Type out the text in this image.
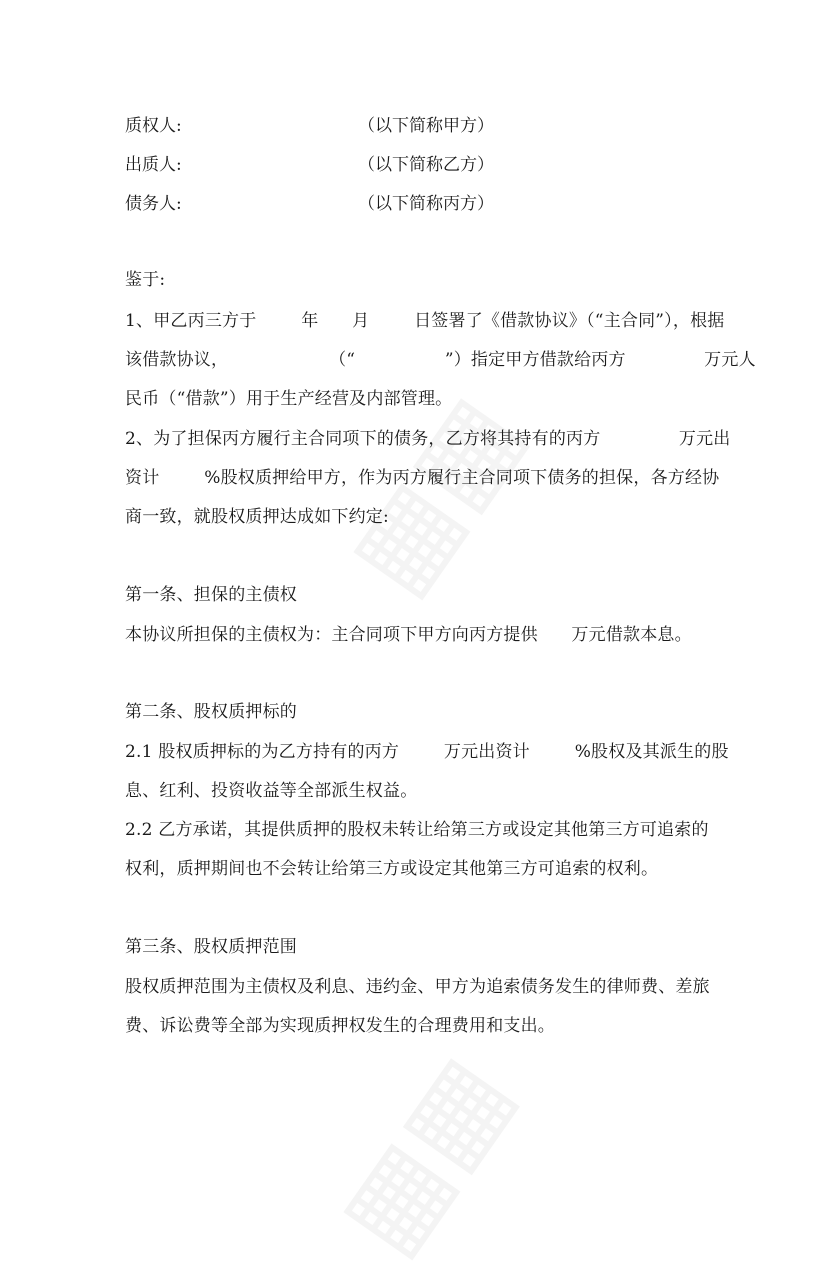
质权人:	（以下简称甲方）
出质人:	（以下简称乙方）
债务人:	（以下简称丙方）
鉴于:
1、甲乙丙三方于        年      月        日签署了《借款协议》（“主合同”），根据
该借款协议，                  （“                ”）指定甲方借款给丙方              万元人
民币（“借款”）用于生产经营及内部管理。
2、为了担保丙方履行主合同项下的债务，乙方将其持有的丙方              万元出
资计        %股权质押给甲方，作为丙方履行主合同项下债务的担保，各方经协
商一致，就股权质押达成如下约定:
第一条、担保的主债权
本协议所担保的主债权为：主合同项下甲方向丙方提供      万元借款本息。
第二条、股权质押标的
2.1 股权质押标的为乙方持有的丙方        万元出资计        %股权及其派生的股
息、红利、投资收益等全部派生权益。
2.2 乙方承诺，其提供质押的股权未转让给第三方或设定其他第三方可追索的
权利，质押期间也不会转让给第三方或设定其他第三方可追索的权利。
第三条、股权质押范围
股权质押范围为主债权及利息、违约金、甲方为追索债务发生的律师费、差旅
费、诉讼费等全部为实现质押权发生的合理费用和支出。
